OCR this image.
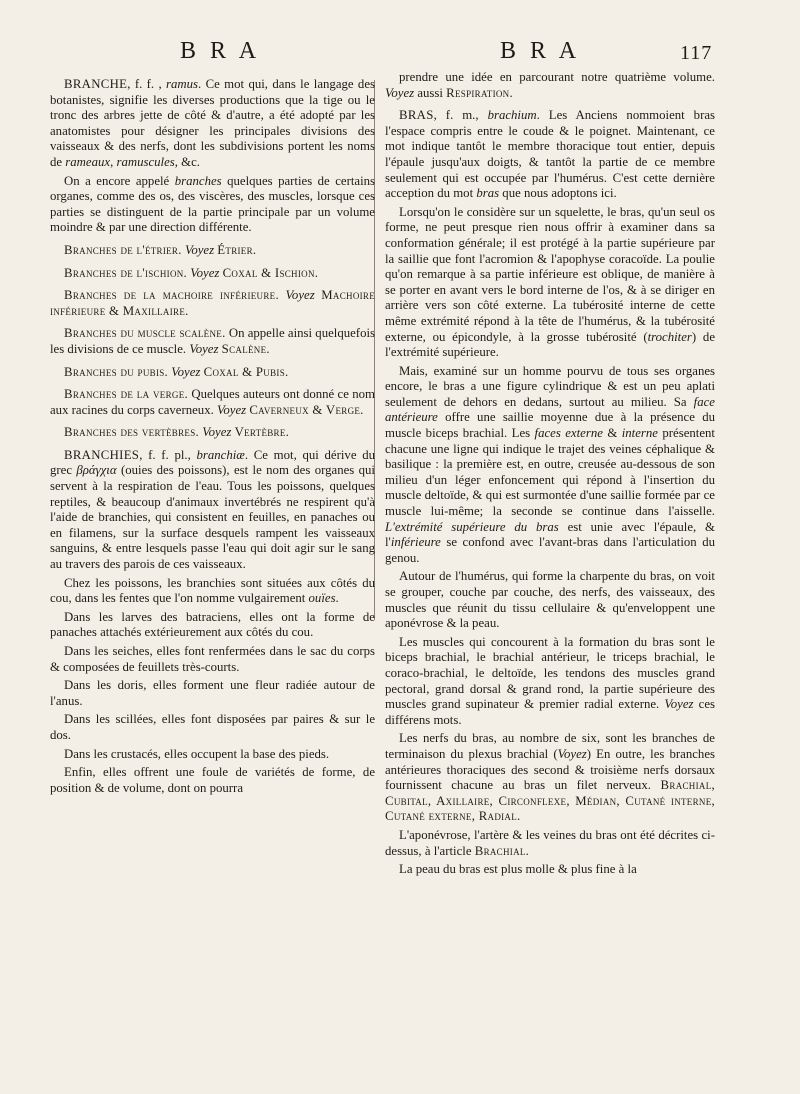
B R A	B R A	117

BRANCHE, f. f. , ramus. Ce mot qui, dans le langage des botanistes, signifie les diverses productions que la tige ou le tronc des arbres jette de côté & d'autre, a été adopté par les anatomistes pour désigner les principales divisions des vaisseaux & des nerfs, dont les subdivisions portent les noms de rameaux, ramuscules, &c.

On a encore appelé branches quelques parties de certains organes, comme des os, des viscères, des muscles, lorsque ces parties se distinguent de la partie principale par un volume moindre & par une direction différente.

Branches de l'étrier. Voyez Étrier.

Branches de l'ischion. Voyez Coxal & Ischion.

Branches de la machoire inférieure. Voyez Machoire inférieure & Maxillaire.

Branches du muscle scalène. On appelle ainsi quelquefois les divisions de ce muscle. Voyez Scalène.

Branches du pubis. Voyez Coxal & Pubis.

Branches de la verge. Quelques auteurs ont donné ce nom aux racines du corps caverneux. Voyez Caverneux & Verge.

Branches des vertèbres. Voyez Vertèbre.

BRANCHIES, f. f. pl., branchiæ. Ce mot, qui dérive du grec βράγχια (ouies des poissons), est le nom des organes qui servent à la respiration de l'eau. Tous les poissons, quelques reptiles, & beaucoup d'animaux invertébrés ne respirent qu'à l'aide de branchies, qui consistent en feuilles, en panaches ou en filamens, sur la surface desquels rampent les vaisseaux sanguins, & entre lesquels passe l'eau qui doit agir sur le sang au travers des parois de ces vaisseaux.

Chez les poissons, les branchies sont situées aux côtés du cou, dans les fentes que l'on nomme vulgairement ouïes.

Dans les larves des batraciens, elles ont la forme de panaches attachés extérieurement aux côtés du cou.

Dans les seiches, elles font renfermées dans le sac du corps & composées de feuillets très-courts.

Dans les doris, elles forment une fleur radiée autour de l'anus.

Dans les scillées, elles font disposées par paires & sur le dos.

Dans les crustacés, elles occupent la base des pieds.

Enfin, elles offrent une foule de variétés de forme, de position & de volume, dont on pourra

prendre une idée en parcourant notre quatrième volume. Voyez aussi Respiration.

BRAS, f. m., brachium. Les Anciens nommoient bras l'espace compris entre le coude & le poignet. Maintenant, ce mot indique tantôt le membre thoracique tout entier, depuis l'épaule jusqu'aux doigts, & tantôt la partie de ce membre seulement qui est occupée par l'humérus. C'est cette dernière acception du mot bras que nous adoptons ici.

Lorsqu'on le considère sur un squelette, le bras, qu'un seul os forme, ne peut presque rien nous offrir à examiner dans sa conformation générale; il est protégé à la partie supérieure par la saillie que font l'acromion & l'apophyse coracoïde. La poulie qu'on remarque à sa partie inférieure est oblique, de manière à se porter en avant vers le bord interne de l'os, & à se diriger en arrière vers son côté externe. La tubérosité interne de cette même extrémité répond à la tête de l'humérus, & la tubérosité externe, ou épicondyle, à la grosse tubérosité (trochiter) de l'extrémité supérieure.

Mais, examiné sur un homme pourvu de tous ses organes encore, le bras a une figure cylindrique & est un peu aplati seulement de dehors en dedans, surtout au milieu. Sa face antérieure offre une saillie moyenne due à la présence du muscle biceps brachial. Les faces externe & interne présentent chacune une ligne qui indique le trajet des veines céphalique & basilique : la première est, en outre, creusée au-dessous de son milieu d'un léger enfoncement qui répond à l'insertion du muscle deltoïde, & qui est surmontée d'une saillie formée par ce muscle lui-même; la seconde se continue dans l'aisselle. L'extrémité supérieure du bras est unie avec l'épaule, & l'inférieure se confond avec l'avant-bras dans l'articulation du genou.

Autour de l'humérus, qui forme la charpente du bras, on voit se grouper, couche par couche, des nerfs, des vaisseaux, des muscles que réunit du tissu cellulaire & qu'enveloppent une aponévrose & la peau.

Les muscles qui concourent à la formation du bras sont le biceps brachial, le brachial antérieur, le triceps brachial, le coraco-brachial, le deltoïde, les tendons des muscles grand pectoral, grand dorsal & grand rond, la partie supérieure des muscles grand supinateur & premier radial externe. Voyez ces différens mots.

Les nerfs du bras, au nombre de six, sont les branches de terminaison du plexus brachial (Voyez) En outre, les branches antérieures thoraciques des second & troisième nerfs dorsaux fournissent chacune au bras un filet nerveux. Brachial, Cubital, Axillaire, Circonflexe, Médian, Cutané interne, Cutané externe, Radial.

L'aponévrose, l'artère & les veines du bras ont été décrites ci-dessus, à l'article Brachial.

La peau du bras est plus molle & plus fine à la
